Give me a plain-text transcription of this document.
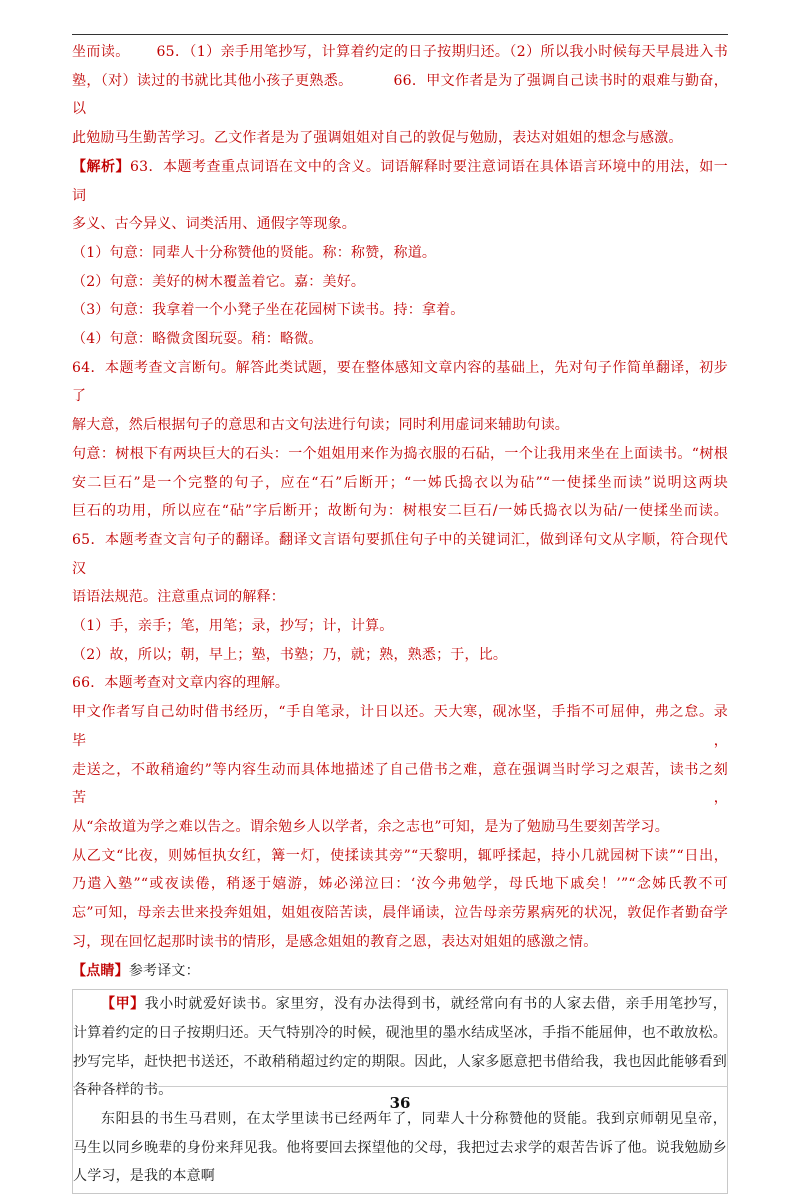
坐而读。　　 65．（1）亲手用笔抄写，计算着约定的日子按期归还。（2）所以我小时候每天早晨进入书
塾，（对）读过的书就比其他小孩子更熟悉。　　　 66．甲文作者是为了强调自己读书时的艰难与勤奋，以
此勉励马生勤苦学习。乙文作者是为了强调姐姐对自己的敦促与勉励，表达对姐姐的想念与感激。

【解析】63．本题考查重点词语在文中的含义。词语解释时要注意词语在具体语言环境中的用法，如一词
多义、古今异义、词类活用、通假字等现象。
（1）句意：同辈人十分称赞他的贤能。称：称赞，称道。
（2）句意：美好的树木覆盖着它。嘉：美好。
（3）句意：我拿着一个小凳子坐在花园树下读书。持：拿着。
（4）句意：略微贪图玩耍。稍：略微。
64．本题考查文言断句。解答此类试题，要在整体感知文章内容的基础上，先对句子作简单翻译，初步了
解大意，然后根据句子的意思和古文句法进行句读；同时利用虚词来辅助句读。
句意：树根下有两块巨大的石头：一个姐姐用来作为捣衣服的石砧，一个让我用来坐在上面读书。“树根
安二巨石”是一个完整的句子，应在“石”后断开；“一姊氏捣衣以为砧”“一使揉坐而读”说明这两块
巨石的功用，所以应在“砧”字后断开；故断句为：树根安二巨石/一姊氏捣衣以为砧/一使揉坐而读。
65．本题考查文言句子的翻译。翻译文言语句要抓住句子中的关键词汇，做到译句文从字顺，符合现代汉
语语法规范。注意重点词的解释：
（1）手，亲手；笔，用笔；录，抄写；计，计算。
（2）故，所以；朝，早上；塾，书塾；乃，就；熟，熟悉；于，比。
66．本题考查对文章内容的理解。
甲文作者写自己幼时借书经历，“手自笔录，计日以还。天大寒，砚冰坚，手指不可屈伸，弗之怠。录毕，
走送之，不敢稍逾约”等内容生动而具体地描述了自己借书之难，意在强调当时学习之艰苦，读书之刻苦，
从“余故道为学之难以告之。谓余勉乡人以学者，余之志也”可知，是为了勉励马生要刻苦学习。
从乙文“比夜，则姊恒执女红，篝一灯，使揉读其旁”“天黎明，辄呼揉起，持小几就园树下读”“日出，
乃遣入塾”“或夜读倦，稍逐于嬉游，姊必涕泣曰：‘汝今弗勉学，母氏地下戚矣！’”“念姊氏教不可
忘”可知，母亲去世来投奔姐姐，姐姐夜陪苦读，晨伴诵读，泣告母亲劳累病死的状况，敦促作者勤奋学
习，现在回忆起那时读书的情形，是感念姐姐的教育之恩，表达对姐姐的感激之情。

【点睛】参考译文：

【甲】我小时就爱好读书。家里穷，没有办法得到书，就经常向有书的人家去借，亲手用笔抄写，
计算着约定的日子按期归还。天气特别冷的时候，砚池里的墨水结成坚冰，手指不能屈伸，也不敢放松。
抄写完毕，赶快把书送还，不敢稍稍超过约定的期限。因此，人家多愿意把书借给我，我也因此能够看到
各种各样的书。
东阳县的书生马君则，在太学里读书已经两年了，同辈人十分称赞他的贤能。我到京师朝见皇帝，
马生以同乡晚辈的身份来拜见我。他将要回去探望他的父母，我把过去求学的艰苦告诉了他。说我勉励乡
人学习，是我的本意啊

36
